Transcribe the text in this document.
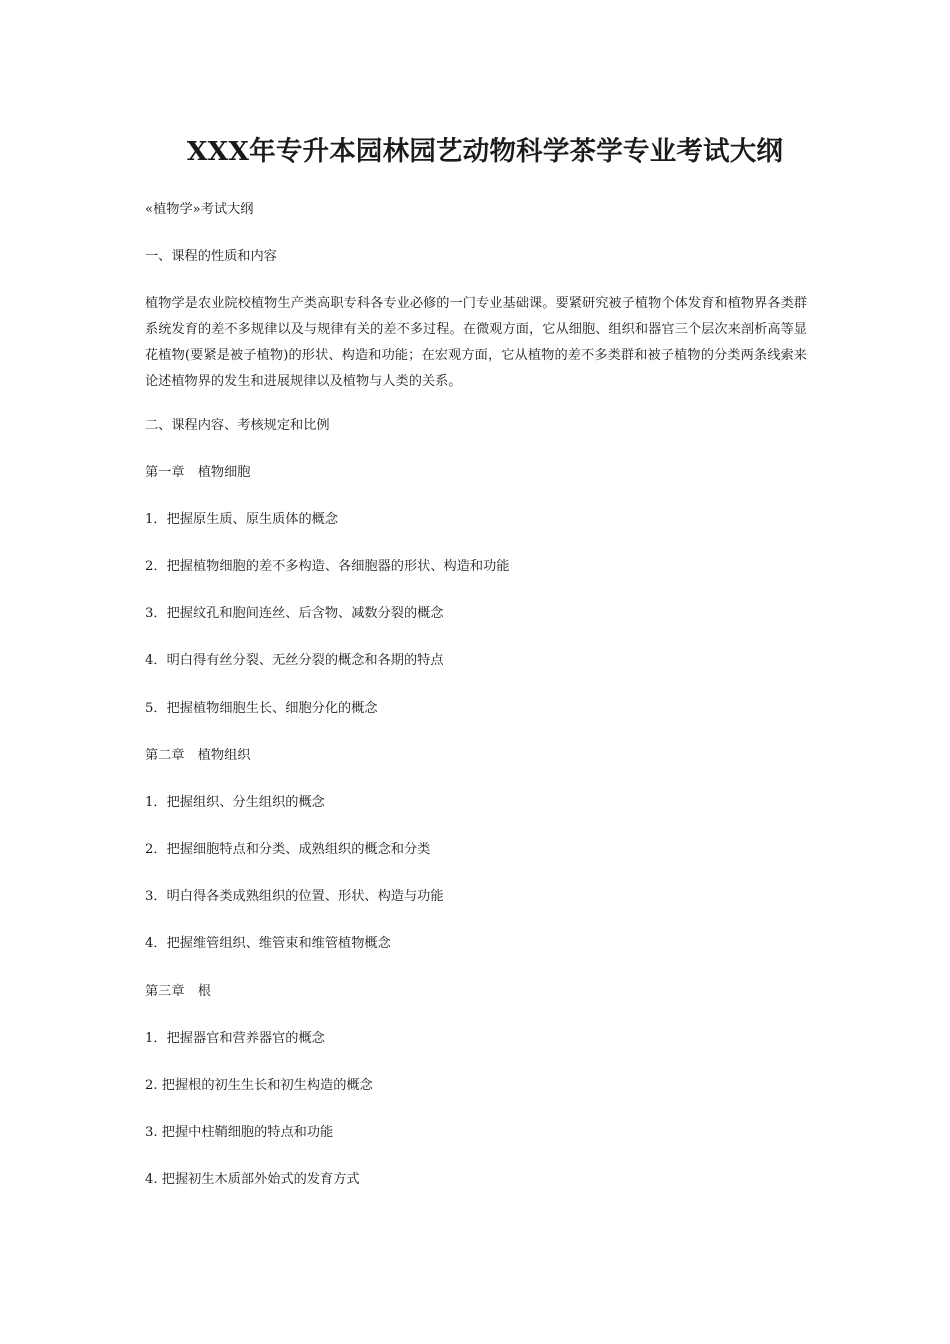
XXX年专升本园林园艺动物科学茶学专业考试大纲

«植物学»考试大纲

一、课程的性质和内容

植物学是农业院校植物生产类高职专科各专业必修的一门专业基础课。要紧研究被子植物个体发育和植物界各类群系统发育的差不多规律以及与规律有关的差不多过程。在微观方面，它从细胞、组织和器官三个层次来剖析高等显花植物(要紧是被子植物)的形状、构造和功能；在宏观方面，它从植物的差不多类群和被子植物的分类两条线索来论述植物界的发生和进展规律以及植物与人类的关系。

二、课程内容、考核规定和比例

第一章　植物细胞

1．把握原生质、原生质体的概念

2．把握植物细胞的差不多构造、各细胞器的形状、构造和功能

3．把握纹孔和胞间连丝、后含物、减数分裂的概念

4．明白得有丝分裂、无丝分裂的概念和各期的特点

5．把握植物细胞生长、细胞分化的概念

第二章　植物组织

1．把握组织、分生组织的概念

2．把握细胞特点和分类、成熟组织的概念和分类

3．明白得各类成熟组织的位置、形状、构造与功能

4．把握维管组织、维管束和维管植物概念

第三章　根

1．把握器官和营养器官的概念

2. 把握根的初生生长和初生构造的概念

3. 把握中柱鞘细胞的特点和功能

4. 把握初生木质部外始式的发育方式
